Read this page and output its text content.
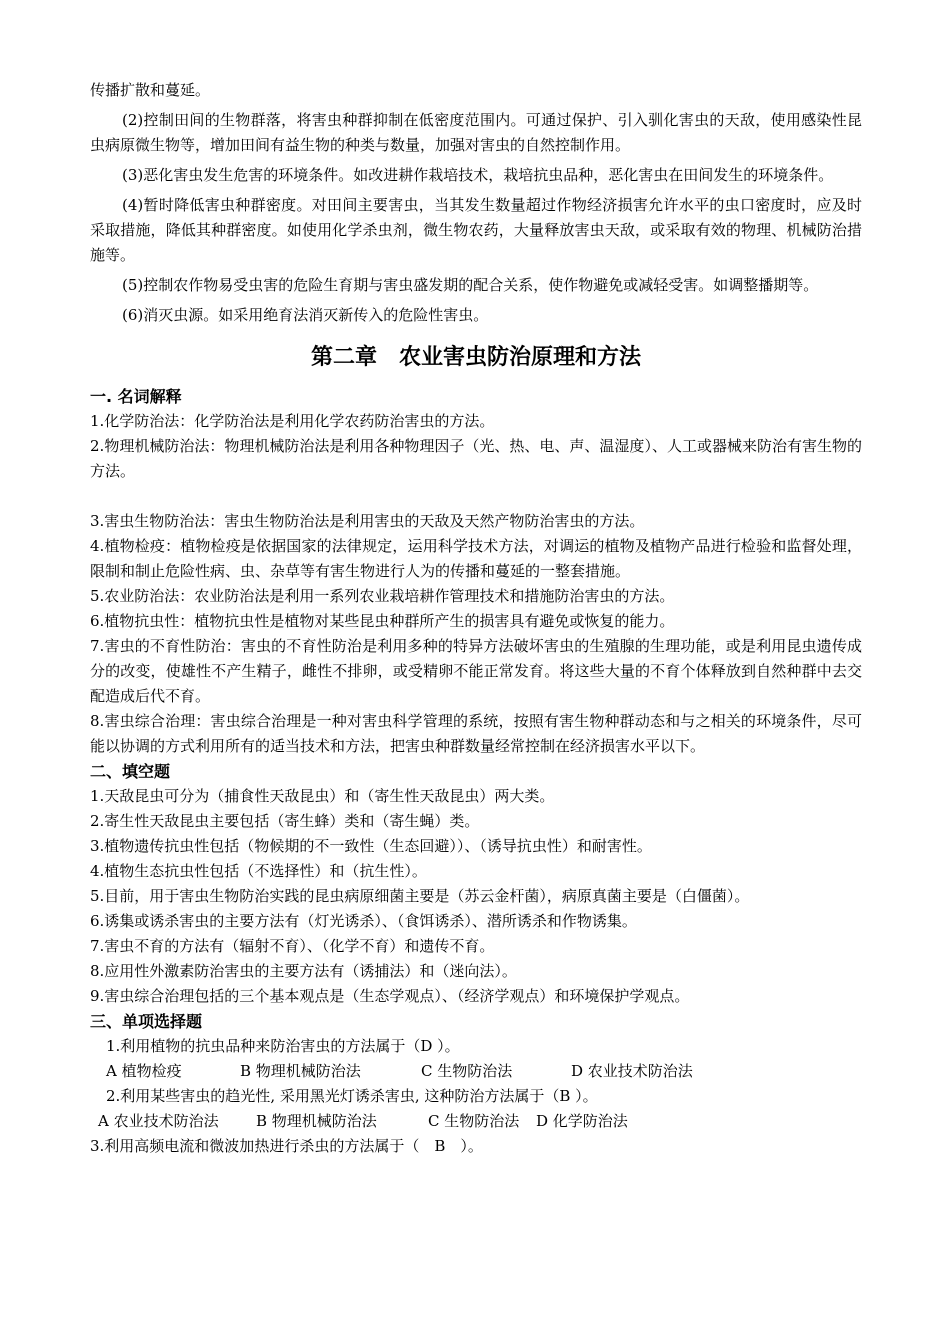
传播扩散和蔓延。

(2)控制田间的生物群落，将害虫种群抑制在低密度范围内。可通过保护、引入驯化害虫的天敌，使用感染性昆虫病原微生物等，增加田间有益生物的种类与数量，加强对害虫的自然控制作用。

(3)恶化害虫发生危害的环境条件。如改进耕作栽培技术，栽培抗虫品种，恶化害虫在田间发生的环境条件。

(4)暂时降低害虫种群密度。对田间主要害虫，当其发生数量超过作物经济损害允许水平的虫口密度时，应及时采取措施，降低其种群密度。如使用化学杀虫剂，微生物农药，大量释放害虫天敌，或采取有效的物理、机械防治措施等。

(5)控制农作物易受虫害的危险生育期与害虫盛发期的配合关系，使作物避免或减轻受害。如调整播期等。

(6)消灭虫源。如采用绝育法消灭新传入的危险性害虫。

第二章　农业害虫防治原理和方法

一. 名词解释

1.化学防治法：化学防治法是利用化学农药防治害虫的方法。

2.物理机械防治法：物理机械防治法是利用各种物理因子（光、热、电、声、温湿度）、人工或器械来防治有害生物的方法。

3.害虫生物防治法：害虫生物防治法是利用害虫的天敌及天然产物防治害虫的方法。

4.植物检疫：植物检疫是依据国家的法律规定，运用科学技术方法，对调运的植物及植物产品进行检验和监督处理，限制和制止危险性病、虫、杂草等有害生物进行人为的传播和蔓延的一整套措施。

5.农业防治法：农业防治法是利用一系列农业栽培耕作管理技术和措施防治害虫的方法。

6.植物抗虫性：植物抗虫性是植物对某些昆虫种群所产生的损害具有避免或恢复的能力。

7.害虫的不育性防治：害虫的不育性防治是利用多种的特异方法破坏害虫的生殖腺的生理功能，或是利用昆虫遗传成分的改变，使雄性不产生精子，雌性不排卵，或受精卵不能正常发育。将这些大量的不育个体释放到自然种群中去交配造成后代不育。

8.害虫综合治理：害虫综合治理是一种对害虫科学管理的系统，按照有害生物种群动态和与之相关的环境条件，尽可能以协调的方式利用所有的适当技术和方法，把害虫种群数量经常控制在经济损害水平以下。

二、填空题

1.天敌昆虫可分为（捕食性天敌昆虫）和（寄生性天敌昆虫）两大类。

2.寄生性天敌昆虫主要包括（寄生蜂）类和（寄生蝇）类。

3.植物遗传抗虫性包括（物候期的不一致性（生态回避））、（诱导抗虫性）和耐害性。

4.植物生态抗虫性包括（不选择性）和（抗生性）。

5.目前，用于害虫生物防治实践的昆虫病原细菌主要是（苏云金杆菌），病原真菌主要是（白僵菌）。

6.诱集或诱杀害虫的主要方法有（灯光诱杀）、（食饵诱杀）、潜所诱杀和作物诱集。

7.害虫不育的方法有（辐射不育）、（化学不育）和遗传不育。

8.应用性外激素防治害虫的主要方法有（诱捕法）和（迷向法）。

9.害虫综合治理包括的三个基本观点是（生态学观点）、（经济学观点）和环境保护学观点。

三、单项选择题

1.利用植物的抗虫品种来防治害虫的方法属于（D ）。

A 植物检疫	B 物理机械防治法	C 生物防治法	D 农业技术防治法

2.利用某些害虫的趋光性, 采用黑光灯诱杀害虫, 这种防治方法属于（B ）。

A 农业技术防治法	B 物理机械防治法	C 生物防治法	D 化学防治法

3.利用高频电流和微波加热进行杀虫的方法属于（　B　）。
